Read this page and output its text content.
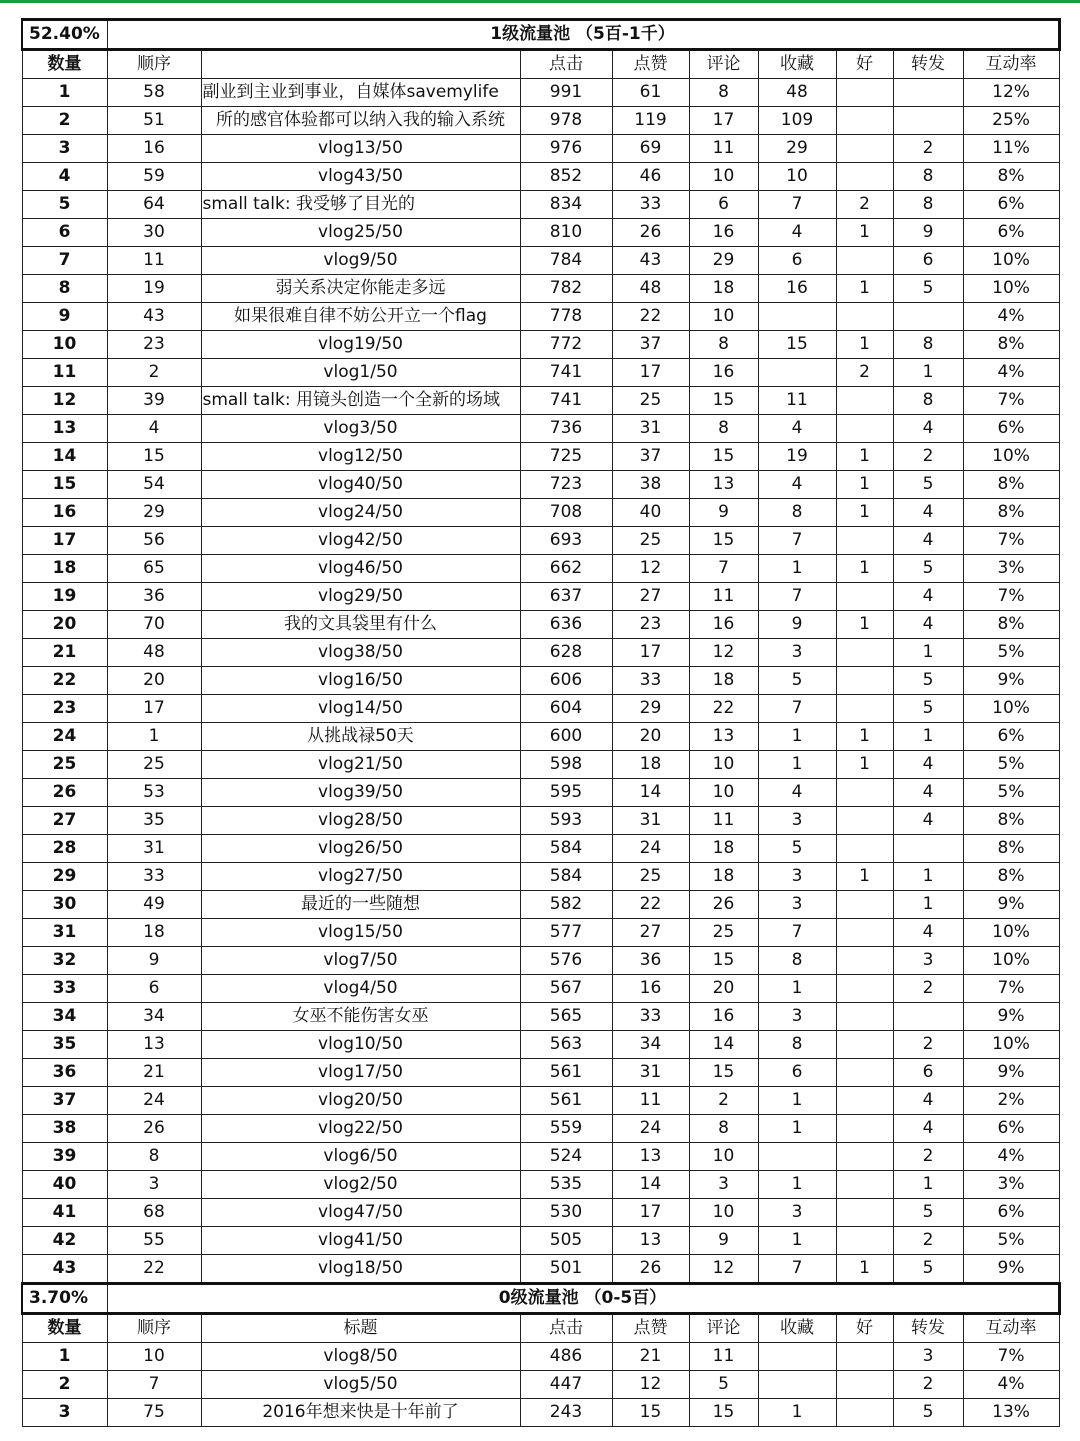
52.40%	1级流量池 （5百-1千）								
数量	顺序		点击	点赞	评论	收藏	好	转发	互动率
1	58	副业到主业到事业，自媒体savemylife	991	61	8	48			12%
2	51	所的感官体验都可以纳入我的输入系统	978	119	17	109			25%
3	16	vlog13/50	976	69	11	29		2	11%
4	59	vlog43/50	852	46	10	10		8	8%
5	64	small talk: 我受够了目光的	834	33	6	7	2	8	6%
6	30	vlog25/50	810	26	16	4	1	9	6%
7	11	vlog9/50	784	43	29	6		6	10%
8	19	弱关系决定你能走多远	782	48	18	16	1	5	10%
9	43	如果很难自律不妨公开立一个flag	778	22	10				4%
10	23	vlog19/50	772	37	8	15	1	8	8%
11	2	vlog1/50	741	17	16		2	1	4%
12	39	small talk: 用镜头创造一个全新的场域	741	25	15	11		8	7%
13	4	vlog3/50	736	31	8	4		4	6%
14	15	vlog12/50	725	37	15	19	1	2	10%
15	54	vlog40/50	723	38	13	4	1	5	8%
16	29	vlog24/50	708	40	9	8	1	4	8%
17	56	vlog42/50	693	25	15	7		4	7%
18	65	vlog46/50	662	12	7	1	1	5	3%
19	36	vlog29/50	637	27	11	7		4	7%
20	70	我的文具袋里有什么	636	23	16	9	1	4	8%
21	48	vlog38/50	628	17	12	3		1	5%
22	20	vlog16/50	606	33	18	5		5	9%
23	17	vlog14/50	604	29	22	7		5	10%
24	1	从挑战禄50天	600	20	13	1	1	1	6%
25	25	vlog21/50	598	18	10	1	1	4	5%
26	53	vlog39/50	595	14	10	4		4	5%
27	35	vlog28/50	593	31	11	3		4	8%
28	31	vlog26/50	584	24	18	5			8%
29	33	vlog27/50	584	25	18	3	1	1	8%
30	49	最近的一些随想	582	22	26	3		1	9%
31	18	vlog15/50	577	27	25	7		4	10%
32	9	vlog7/50	576	36	15	8		3	10%
33	6	vlog4/50	567	16	20	1		2	7%
34	34	女巫不能伤害女巫	565	33	16	3			9%
35	13	vlog10/50	563	34	14	8		2	10%
36	21	vlog17/50	561	31	15	6		6	9%
37	24	vlog20/50	561	11	2	1		4	2%
38	26	vlog22/50	559	24	8	1		4	6%
39	8	vlog6/50	524	13	10			2	4%
40	3	vlog2/50	535	14	3	1		1	3%
41	68	vlog47/50	530	17	10	3		5	6%
42	55	vlog41/50	505	13	9	1		2	5%
43	22	vlog18/50	501	26	12	7	1	5	9%
3.70%	0级流量池 （0-5百）								
数量	顺序	标题	点击	点赞	评论	收藏	好	转发	互动率
1	10	vlog8/50	486	21	11			3	7%
2	7	vlog5/50	447	12	5			2	4%
3	75	2016年想来快是十年前了	243	15	15	1		5	13%
